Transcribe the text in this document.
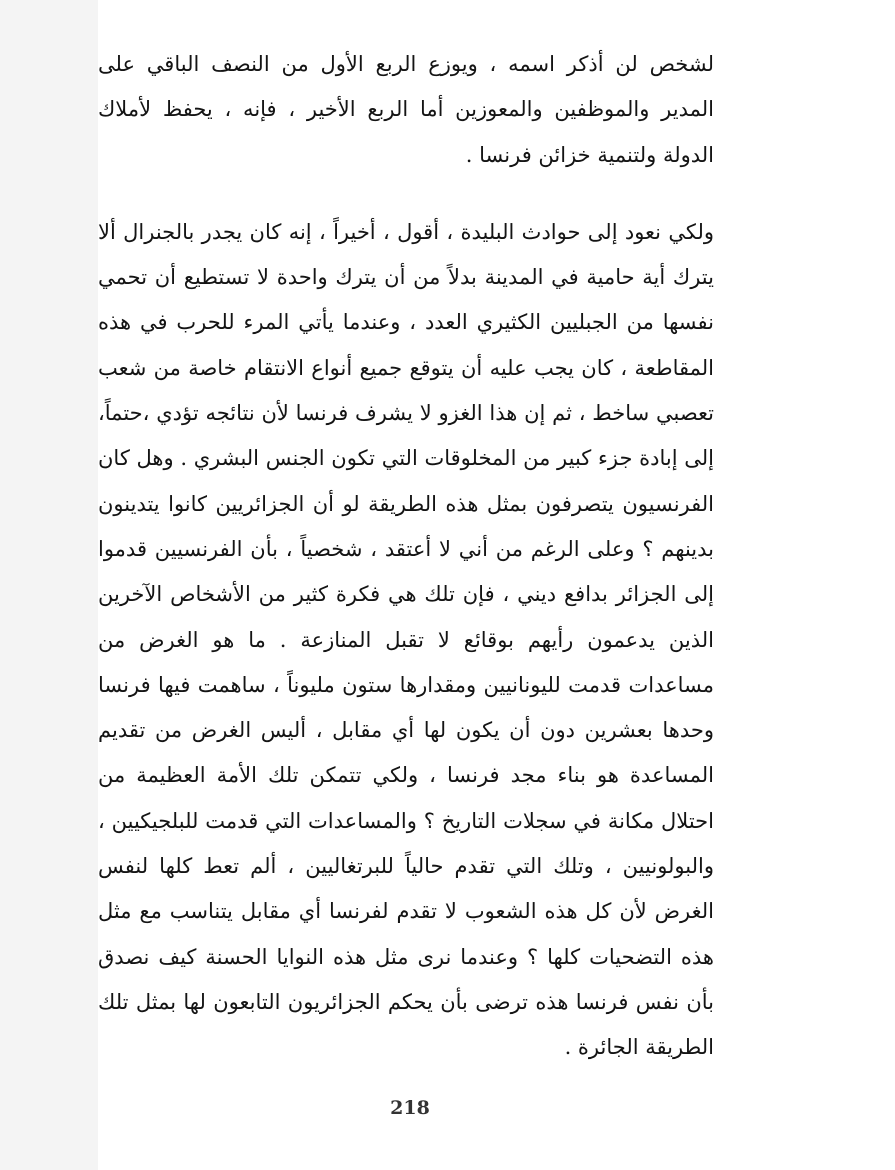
لشخص لن أذكر اسمه ، ويوزع الربع الأول من النصف الباقي على المدير والموظفين والمعوزين أما الربع الأخير ، فإنه ، يحفظ لأملاك الدولة ولتنمية خزائن فرنسا .

ولكي نعود إلى حوادث البليدة ، أقول ، أخيراً ، إنه كان يجدر بالجنرال ألا يترك أية حامية في المدينة بدلاً من أن يترك واحدة لا تستطيع أن تحمي نفسها من الجبليين الكثيري العدد ، وعندما يأتي المرء للحرب في هذه المقاطعة ، كان يجب عليه أن يتوقع جميع أنواع الانتقام خاصة من شعب تعصبي ساخط ، ثم إن هذا الغزو لا يشرف فرنسا لأن نتائجه تؤدي ،حتماً، إلى إبادة جزء كبير من المخلوقات التي تكون الجنس البشري . وهل كان الفرنسيون يتصرفون بمثل هذه الطريقة لو أن الجزائريين كانوا يتدينون بدينهم ؟ وعلى الرغم من أني لا أعتقد ، شخصياً ، بأن الفرنسيين قدموا إلى الجزائر بدافع ديني ، فإن تلك هي فكرة كثير من الأشخاص الآخرين الذين يدعمون رأيهم بوقائع لا تقبل المنازعة . ما هو الغرض من مساعدات قدمت لليونانيين ومقدارها ستون مليوناً ، ساهمت فيها فرنسا وحدها بعشرين دون أن يكون لها أي مقابل ، أليس الغرض من تقديم المساعدة هو بناء مجد فرنسا ، ولكي تتمكن تلك الأمة العظيمة من احتلال مكانة في سجلات التاريخ ؟ والمساعدات التي قدمت للبلجيكيين ، والبولونيين ، وتلك التي تقدم حالياً للبرتغاليين ، ألم تعط كلها لنفس الغرض لأن كل هذه الشعوب لا تقدم لفرنسا أي مقابل يتناسب مع مثل هذه التضحيات كلها ؟ وعندما نرى مثل هذه النوايا الحسنة كيف نصدق بأن نفس فرنسا هذه ترضى بأن يحكم الجزائريون التابعون لها بمثل تلك الطريقة الجائرة .

218
